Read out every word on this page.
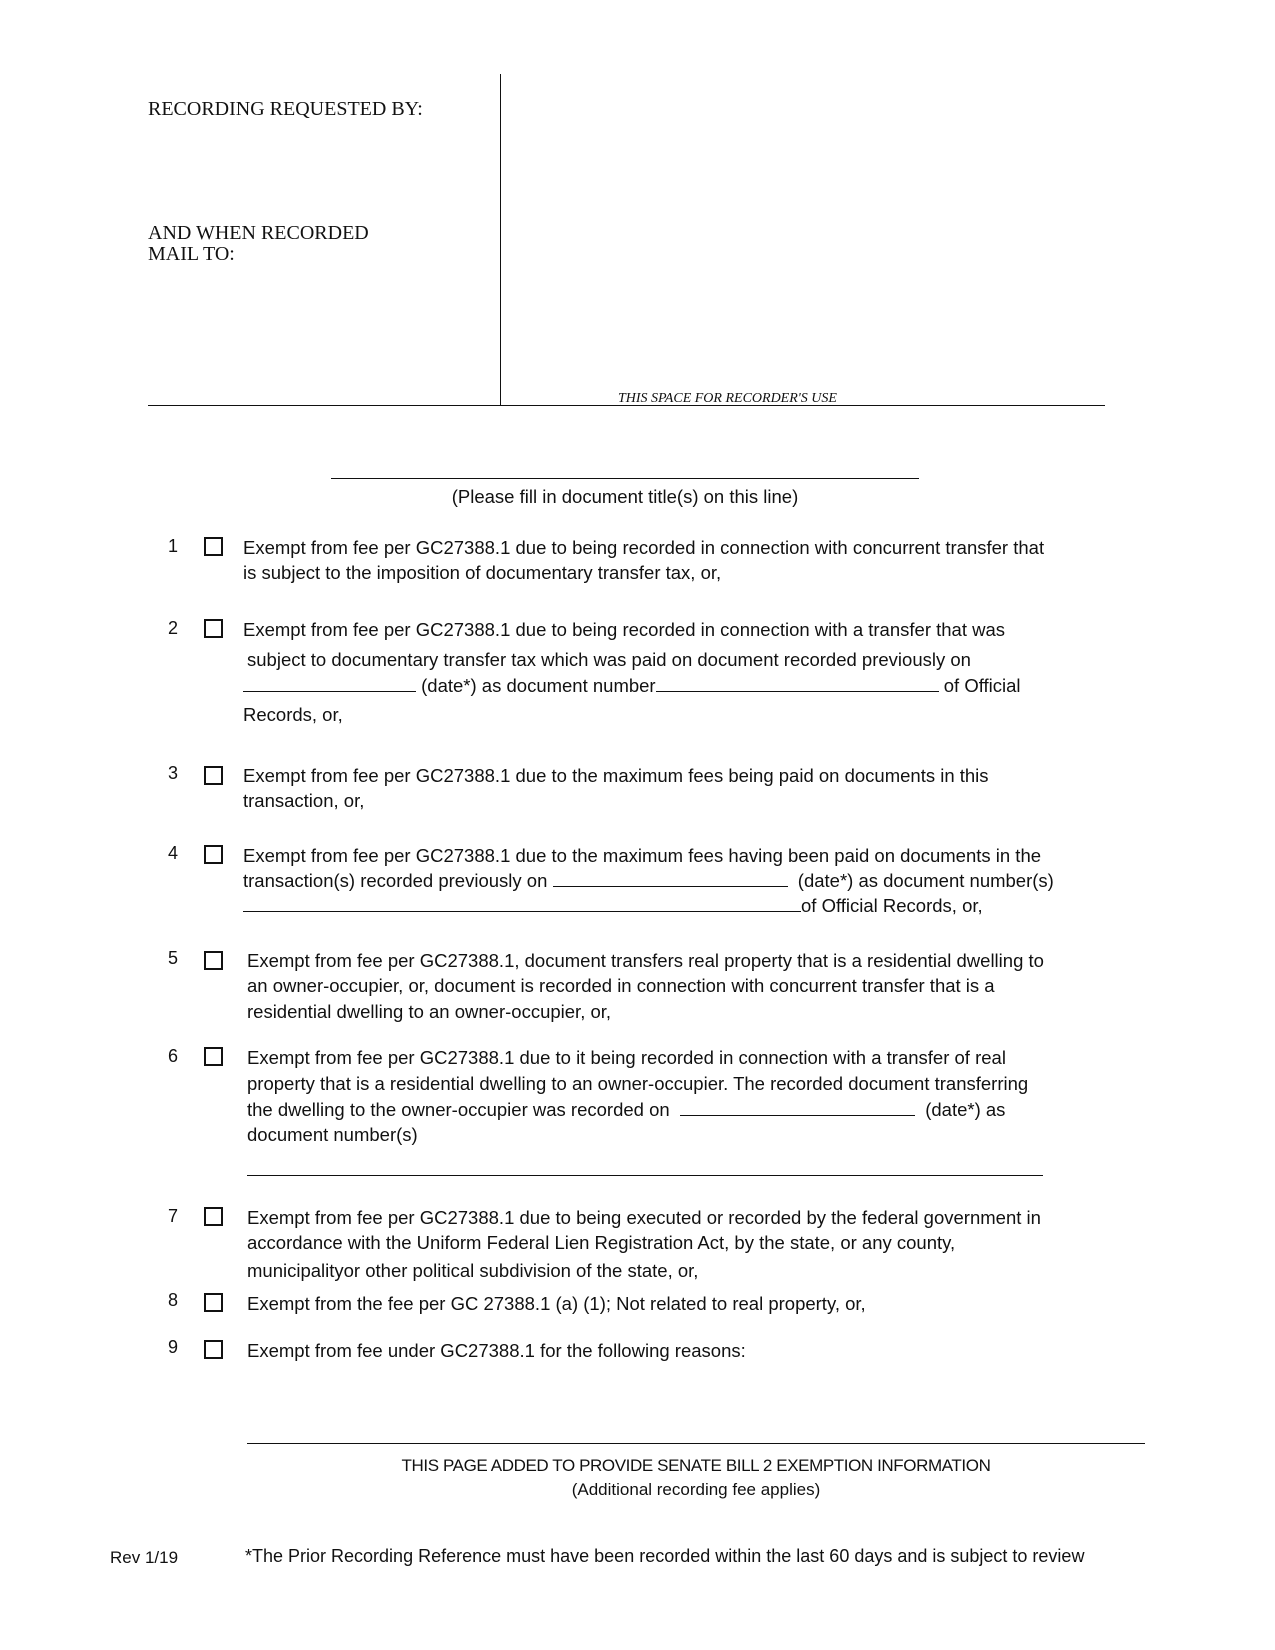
RECORDING REQUESTED BY:
AND WHEN RECORDED
MAIL TO:
THIS SPACE FOR RECORDER'S USE
(Please fill in document title(s) on this line)
1	Exempt from fee per GC27388.1 due to being recorded in connection with concurrent transfer that
is subject to the imposition of documentary transfer tax, or,
2	Exempt from fee per GC27388.1 due to being recorded in connection with a transfer that was
subject to documentary transfer tax which was paid on document recorded previously on
(date*) as document number	of Official
Records, or,
3	Exempt from fee per GC27388.1 due to the maximum fees being paid on documents in this
transaction, or,
4	Exempt from fee per GC27388.1 due to the maximum fees having been paid on documents in the
transaction(s) recorded previously on	(date*) as document number(s)
of Official Records, or,
5	Exempt from fee per GC27388.1, document transfers real property that is a residential dwelling to
an owner-occupier, or, document is recorded in connection with concurrent transfer that is a
residential dwelling to an owner-occupier, or,
6	Exempt from fee per GC27388.1 due to it being recorded in connection with a transfer of real
property that is a residential dwelling to an owner-occupier. The recorded document transferring
the dwelling to the owner-occupier was recorded on	(date*) as
document number(s)
7	Exempt from fee per GC27388.1 due to being executed or recorded by the federal government in
accordance with the Uniform Federal Lien Registration Act, by the state, or any county,
municipalityor other political subdivision of the state, or,
8	Exempt from the fee per GC 27388.1 (a) (1); Not related to real property, or,
9	Exempt from fee under GC27388.1 for the following reasons:
THIS PAGE ADDED TO PROVIDE SENATE BILL 2 EXEMPTION INFORMATION
(Additional recording fee applies)
Rev 1/19	*The Prior Recording Reference must have been recorded within the last 60 days and is subject to review
